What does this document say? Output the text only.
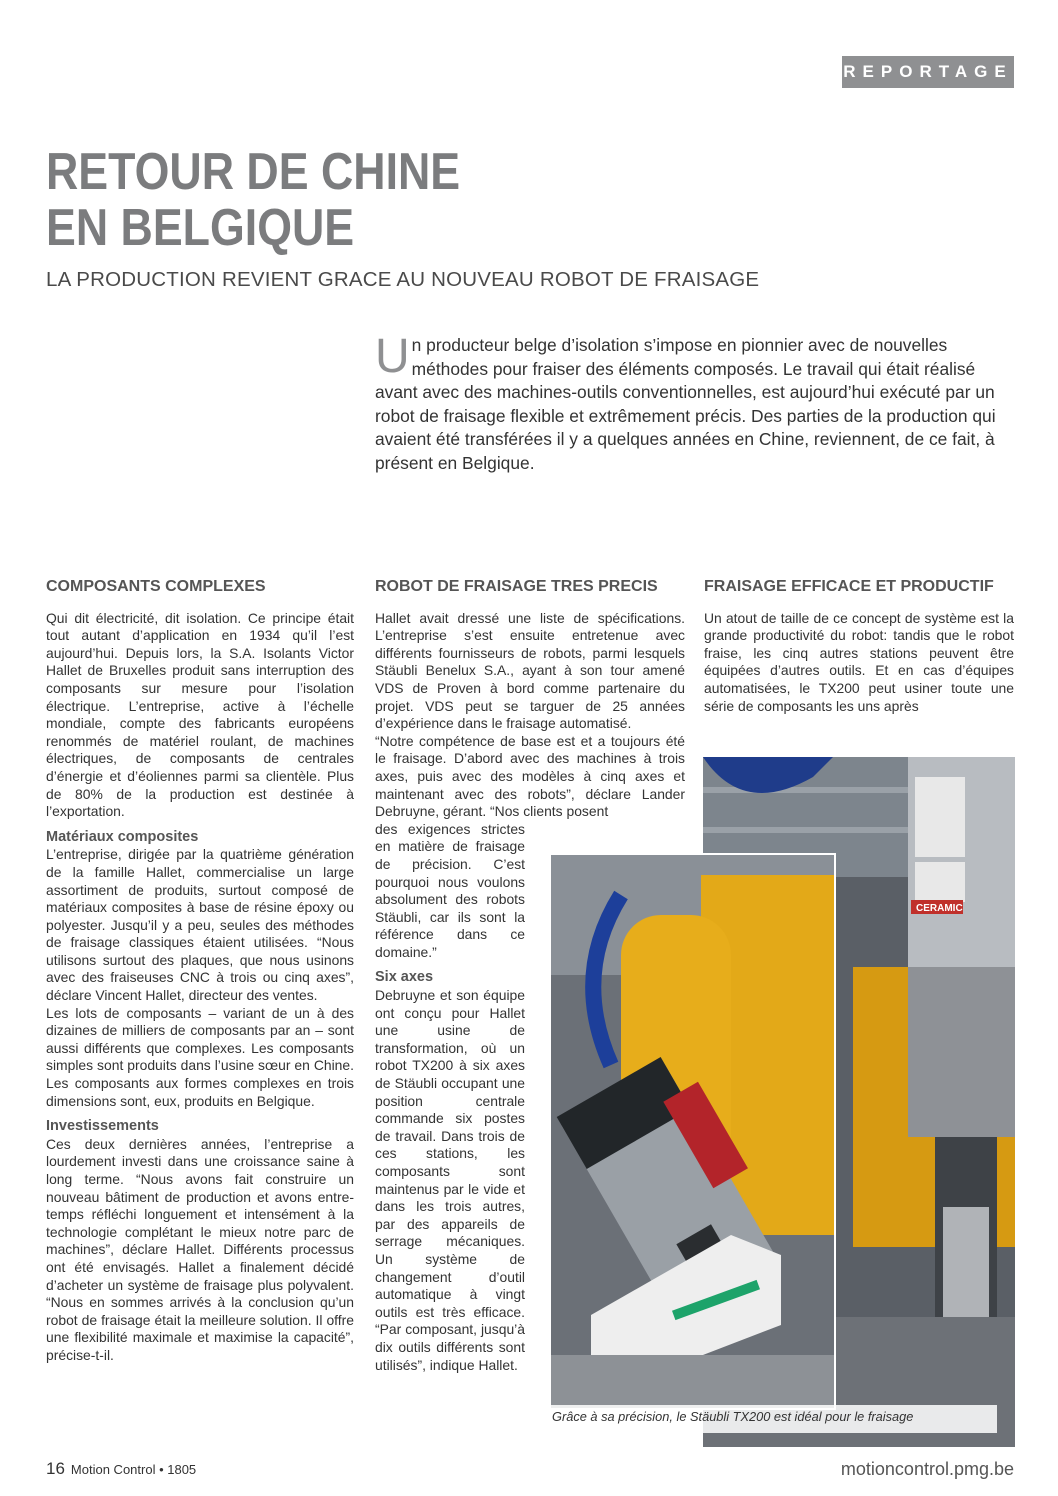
REPORTAGE
RETOUR DE CHINE
EN BELGIQUE
LA PRODUCTION REVIENT GRACE AU NOUVEAU ROBOT DE FRAISAGE

Un producteur belge d’isolation s’impose en pionnier avec de nouvelles méthodes pour fraiser des éléments composés. Le travail qui était réalisé avant avec des machines-outils conventionnelles, est aujourd’hui exécuté par un robot de fraisage flexible et extrêmement précis. Des parties de la production qui avaient été transférées il y a quelques années en Chine, reviennent, de ce fait, à présent en Belgique.

COMPOSANTS COMPLEXES

Qui dit électricité, dit isolation. Ce principe était tout autant d’application en 1934 qu’il l’est aujourd’hui. Depuis lors, la S.A. Isolants Victor Hallet de Bruxelles produit sans interruption des composants sur mesure pour l’isolation électrique. L’entreprise, active à l’échelle mondiale, compte des fabricants européens renommés de matériel roulant, de machines électriques, de composants de centrales d’énergie et d’éoliennes parmi sa clientèle. Plus de 80% de la production est destinée à l’exportation.

Matériaux composites

L’entreprise, dirigée par la quatrième génération de la famille Hallet, commercialise un large assortiment de produits, surtout composé de matériaux composites à base de résine époxy ou polyester. Jusqu’il y a peu, seules des méthodes de fraisage classiques étaient utilisées. “Nous utilisons surtout des plaques, que nous usinons avec des fraiseuses CNC à trois ou cinq axes”, déclare Vincent Hallet, directeur des ventes.

Les lots de composants – variant de un à des dizaines de milliers de composants par an – sont aussi différents que complexes. Les composants simples sont produits dans l’usine sœur en Chine. Les composants aux formes complexes en trois dimensions sont, eux, produits en Belgique.

Investissements

Ces deux dernières années, l’entreprise a lourdement investi dans une croissance saine à long terme. “Nous avons fait construire un nouveau bâtiment de production et avons entre-temps réfléchi longuement et intensément à la technologie complétant le mieux notre parc de machines”, déclare Hallet. Différents processus ont été envisagés. Hallet a finalement décidé d’acheter un système de fraisage plus polyvalent. “Nous en sommes arrivés à la conclusion qu’un robot de fraisage était la meilleure solution. Il offre une flexibilité maximale et maximise la capacité”, précise-t-il.

ROBOT DE FRAISAGE TRES PRECIS

Hallet avait dressé une liste de spécifications. L’entreprise s’est ensuite entretenue avec différents fournisseurs de robots, parmi lesquels Stäubli Benelux S.A., ayant à son tour amené VDS de Proven à bord comme partenaire du projet. VDS peut se targuer de 25 années d’expérience dans le fraisage automatisé.

“Notre compétence de base est et a toujours été le fraisage. D’abord avec des machines à trois axes, puis avec des modèles à cinq axes et maintenant avec des robots”, déclare Lander Debruyne, gérant. “Nos clients posent

des exigences strictes en matière de fraisage de précision. C’est pourquoi nous voulons absolument des robots Stäubli, car ils sont la référence dans ce domaine.”

Six axes

Debruyne et son équipe ont conçu pour Hallet une usine de transformation, où un robot TX200 à six axes de Stäubli occupant une position centrale commande six postes de travail. Dans trois de ces stations, les composants sont maintenus par le vide et dans les trois autres, par des appareils de serrage mécaniques. Un système de changement d’outil automatique à vingt outils est très efficace. “Par composant, jusqu’à dix outils différents sont utilisés”, indique Hallet.

FRAISAGE EFFICACE ET PRODUCTIF

Un atout de taille de ce concept de système est la grande productivité du robot: tandis que le robot fraise, les cinq autres stations peuvent être équipées d’autres outils. Et en cas d’équipes automatisées, le TX200 peut usiner toute une série de composants les uns après

CERAMIC
Grâce à sa précision, le Stäubli TX200 est idéal pour le fraisage
16 Motion Control • 1805	motioncontrol.pmg.be
